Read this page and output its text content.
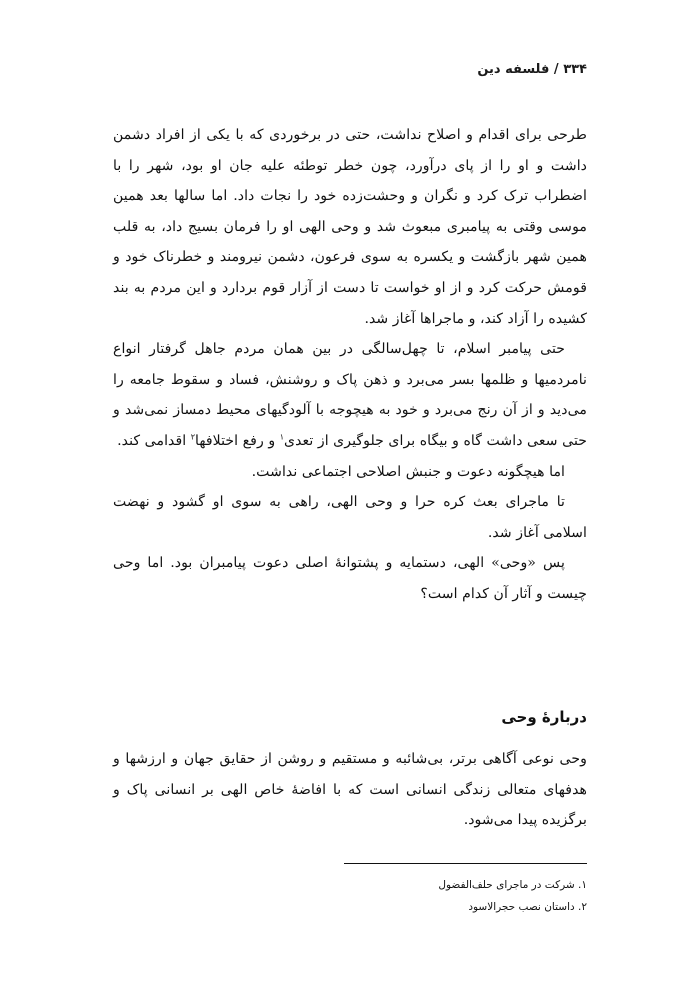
۳۳۴ / فلسفه دین

طرحی برای اقدام و اصلاح نداشت، حتی در برخوردی که با یکی از افراد دشمن داشت و او را از پای درآورد، چون خطر توطئه علیه جان او بود، شهر را با اضطراب ترک کرد و نگران و وحشت‌زده خود را نجات داد. اما سالها بعد همین موسی وقتی به پیامبری مبعوث شد و وحی الهی او را فرمان بسیج داد، به قلب همین شهر بازگشت و یکسره به سوی فرعون، دشمن نیرومند و خطرناک خود و قومش حرکت کرد و از او خواست تا دست از آزار قوم بردارد و این مردم به بند کشیده را آزاد کند، و ماجراها آغاز شد.

حتی پیامبر اسلام، تا چهل‌سالگی در بین همان مردم جاهل گرفتار انواع نامردمیها و ظلمها بسر می‌برد و ذهن پاک و روشنش، فساد و سقوط جامعه را می‌دید و از آن رنج می‌برد و خود به هیچوجه با آلودگیهای محیط دمساز نمی‌شد و حتی سعی داشت گاه و بیگاه برای جلوگیری از تعدی$^۱$ و رفع اختلافها$^۲$ اقدامی کند.

اما هیچگونه دعوت و جنبش اصلاحی اجتماعی نداشت.

تا ماجرای بعث کره حرا و وحی الهی، راهی به سوی او گشود و نهضت اسلامی آغاز شد.

پس «وحی» الهی، دستمایه و پشتوانهٔ اصلی دعوت پیامبران بود. اما وحی چیست و آثار آن کدام است؟

دربارهٔ وحی

وحی نوعی آگاهی برتر، بی‌شائبه و مستقیم و روشن از حقایق جهان و ارزشها و هدفهای متعالی زندگی انسانی است که با افاضهٔ خاص الهی بر انسانی پاک و برگزیده پیدا می‌شود.

۱. شرکت در ماجرای حلف‌الفضول
۲. داستان نصب حجرالاسود
